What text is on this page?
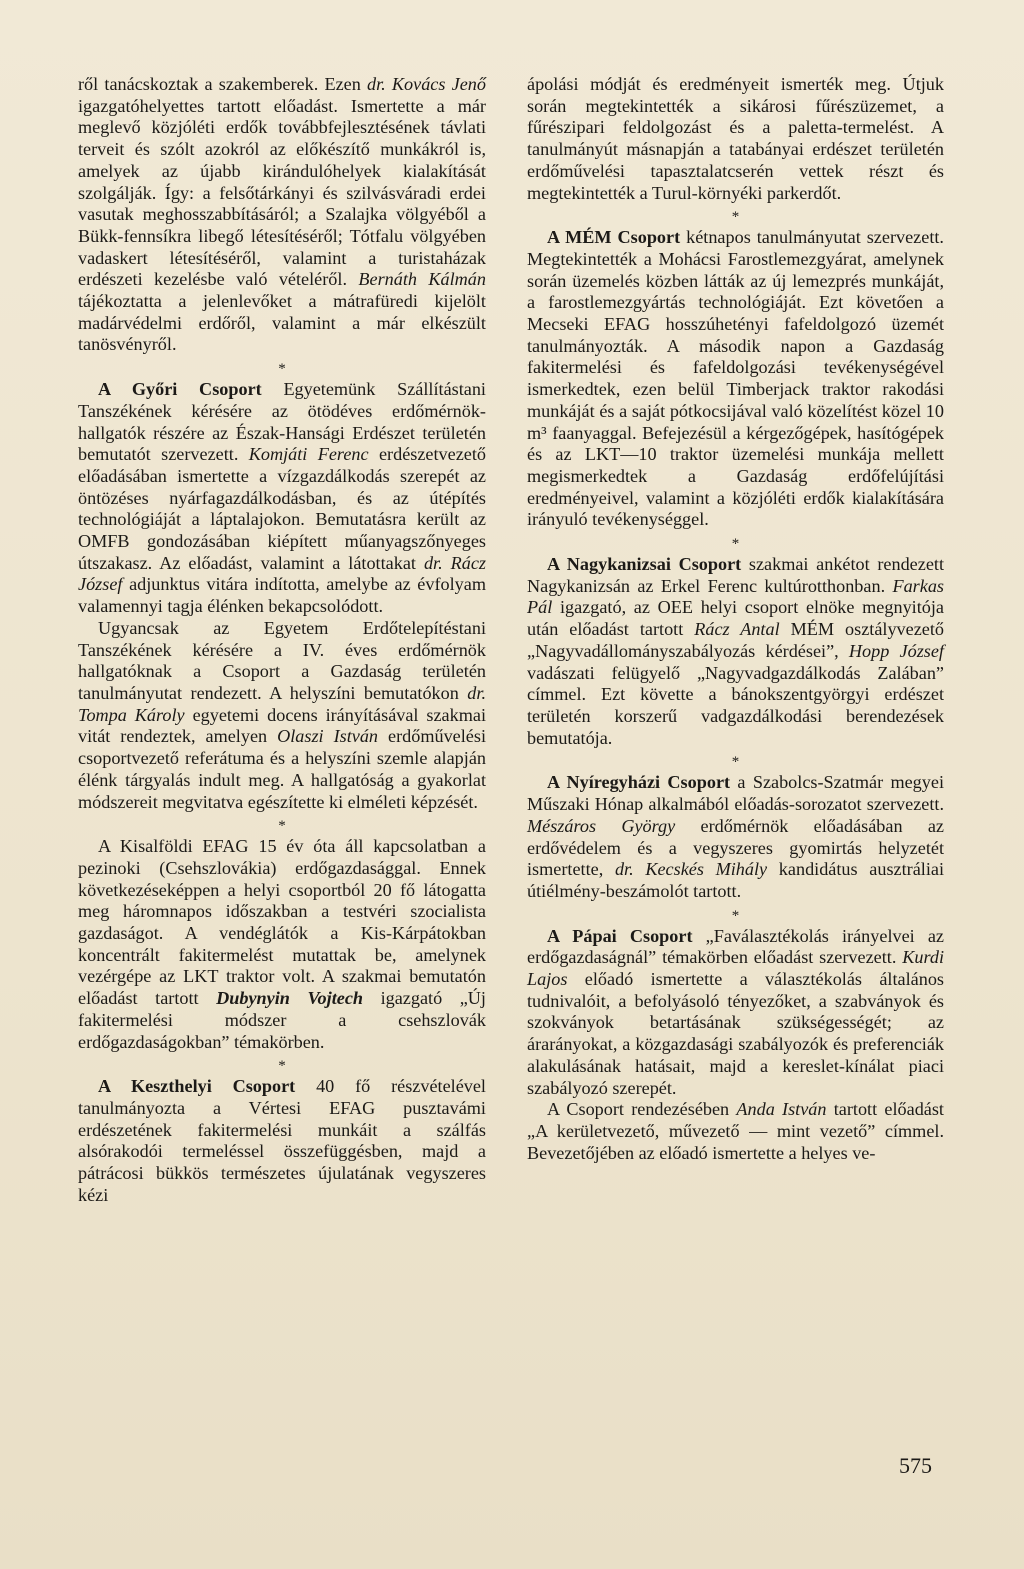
ről tanácskoztak a szakemberek. Ezen dr. Kovács Jenő igazgatóhelyettes tartott előadást. Ismertette a már meglevő közjóléti erdők továbbfejlesztésének távlati terveit és szólt azokról az előkészítő munkákról is, amelyek az újabb kirándulóhelyek kialakítását szolgálják. Így: a felsőtárkányi és szilvásváradi erdei vasutak meghosszabbításáról; a Szalajka völgyéből a Bükk-fennsíkra libegő létesítéséről; Tótfalu völgyében vadaskert létesítéséről, valamint a turistaházak erdészeti kezelésbe való vételéről. Bernáth Kálmán tájékoztatta a jelenlevőket a mátrafüredi kijelölt madárvédelmi erdőről, valamint a már elkészült tanösvényről.

*

A Győri Csoport Egyetemünk Szállítástani Tanszékének kérésére az ötödéves erdőmérnök-hallgatók részére az Észak-Hansági Erdészet területén bemutatót szervezett. Komjáti Ferenc erdészetvezető előadásában ismertette a vízgazdálkodás szerepét az öntözéses nyárfagazdálkodásban, és az útépítés technológiáját a láptalajokon. Bemutatásra került az OMFB gondozásában kiépített műanyagszőnyeges útszakasz. Az előadást, valamint a látottakat dr. Rácz József adjunktus vitára indította, amelybe az évfolyam valamennyi tagja élénken bekapcsolódott.

Ugyancsak az Egyetem Erdőtelepítéstani Tanszékének kérésére a IV. éves erdőmérnök hallgatóknak a Csoport a Gazdaság területén tanulmányutat rendezett. A helyszíni bemutatókon dr. Tompa Károly egyetemi docens irányításával szakmai vitát rendeztek, amelyen Olaszi István erdőművelési csoportvezető referátuma és a helyszíni szemle alapján élénk tárgyalás indult meg. A hallgatóság a gyakorlat módszereit megvitatva egészítette ki elméleti képzését.

*

A Kisalföldi EFAG 15 év óta áll kapcsolatban a pezinoki (Csehszlovákia) erdőgazdasággal. Ennek következéseképpen a helyi csoportból 20 fő látogatta meg háromnapos időszakban a testvéri szocialista gazdaságot. A vendéglátók a Kis-Kárpátokban koncentrált fakitermelést mutattak be, amelynek vezérgépe az LKT traktor volt. A szakmai bemutatón előadást tartott Dubynyin Vojtech igazgató „Új fakitermelési módszer a csehszlovák erdőgazdaságokban” témakörben.

*

A Keszthelyi Csoport 40 fő részvételével tanulmányozta a Vértesi EFAG pusztavámi erdészetének fakitermelési munkáit a szálfás alsórakodói termeléssel összefüggésben, majd a pátrácosi bükkös természetes újulatának vegyszeres kézi

ápolási módját és eredményeit ismerték meg. Útjuk során megtekintették a sikárosi fűrészüzemet, a fűrészipari feldolgozást és a paletta-termelést. A tanulmányút másnapján a tatabányai erdészet területén erdőművelési tapasztalatcserén vettek részt és megtekintették a Turul-környéki parkerdőt.

*

A MÉM Csoport kétnapos tanulmányutat szervezett. Megtekintették a Mohácsi Farostlemezgyárat, amelynek során üzemelés közben látták az új lemezprés munkáját, a farostlemezgyártás technológiáját. Ezt követően a Mecseki EFAG hosszúhetényi fafeldolgozó üzemét tanulmányozták. A második napon a Gazdaság fakitermelési és fafeldolgozási tevékenységével ismerkedtek, ezen belül Timberjack traktor rakodási munkáját és a saját pótkocsijával való közelítést közel 10 m³ faanyaggal. Befejezésül a kérgezőgépek, hasítógépek és az LKT—10 traktor üzemelési munkája mellett megismerkedtek a Gazdaság erdőfelújítási eredményeivel, valamint a közjóléti erdők kialakítására irányuló tevékenységgel.

*

A Nagykanizsai Csoport szakmai ankétot rendezett Nagykanizsán az Erkel Ferenc kultúrotthonban. Farkas Pál igazgató, az OEE helyi csoport elnöke megnyitója után előadást tartott Rácz Antal MÉM osztályvezető „Nagyvadállományszabályozás kérdései”, Hopp József vadászati felügyelő „Nagyvadgazdálkodás Zalában” címmel. Ezt követte a bánokszentgyörgyi erdészet területén korszerű vadgazdálkodási berendezések bemutatója.

*

A Nyíregyházi Csoport a Szabolcs-Szatmár megyei Műszaki Hónap alkalmából előadás-sorozatot szervezett. Mészáros György erdőmérnök előadásában az erdővédelem és a vegyszeres gyomirtás helyzetét ismertette, dr. Kecskés Mihály kandidátus ausztráliai útiélmény-beszámolót tartott.

*

A Pápai Csoport „Faválasztékolás irányelvei az erdőgazdaságnál” témakörben előadást szervezett. Kurdi Lajos előadó ismertette a választékolás általános tudnivalóit, a befolyásoló tényezőket, a szabványok és szokványok betartásának szükségességét; az árarányokat, a közgazdasági szabályozók és preferenciák alakulásának hatásait, majd a kereslet-kínálat piaci szabályozó szerepét.

A Csoport rendezésében Anda István tartott előadást „A kerületvezető, művezető — mint vezető” címmel. Bevezetőjében az előadó ismertette a helyes ve-

575
